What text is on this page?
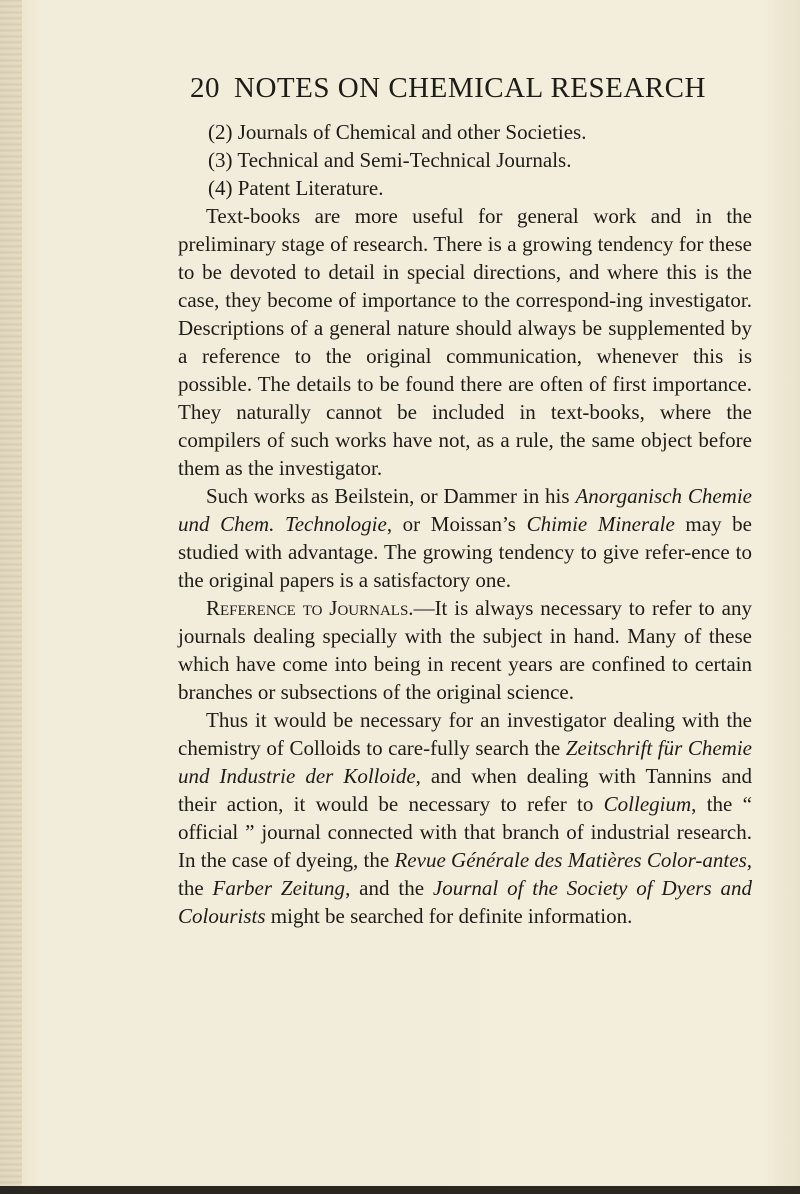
20 NOTES ON CHEMICAL RESEARCH

(2) Journals of Chemical and other Societies.

(3) Technical and Semi-Technical Journals.

(4) Patent Literature.

Text-books are more useful for general work and in the preliminary stage of research. There is a growing tendency for these to be devoted to detail in special directions, and where this is the case, they become of importance to the correspond-ing investigator. Descriptions of a general nature should always be supplemented by a reference to the original communication, whenever this is possible. The details to be found there are often of first importance. They naturally cannot be included in text-books, where the compilers of such works have not, as a rule, the same object before them as the investigator.

Such works as Beilstein, or Dammer in his Anorganisch Chemie und Chem. Technologie, or Moissan’s Chimie Minerale may be studied with advantage. The growing tendency to give refer-ence to the original papers is a satisfactory one.

Reference to Journals.—It is always necessary to refer to any journals dealing specially with the subject in hand. Many of these which have come into being in recent years are confined to certain branches or subsections of the original science.

Thus it would be necessary for an investigator dealing with the chemistry of Colloids to care-fully search the Zeitschrift für Chemie und Industrie der Kolloide, and when dealing with Tannins and their action, it would be necessary to refer to Collegium, the “ official ” journal connected with that branch of industrial research. In the case of dyeing, the Revue Générale des Matières Color-antes, the Farber Zeitung, and the Journal of the Society of Dyers and Colourists might be searched for definite information.
